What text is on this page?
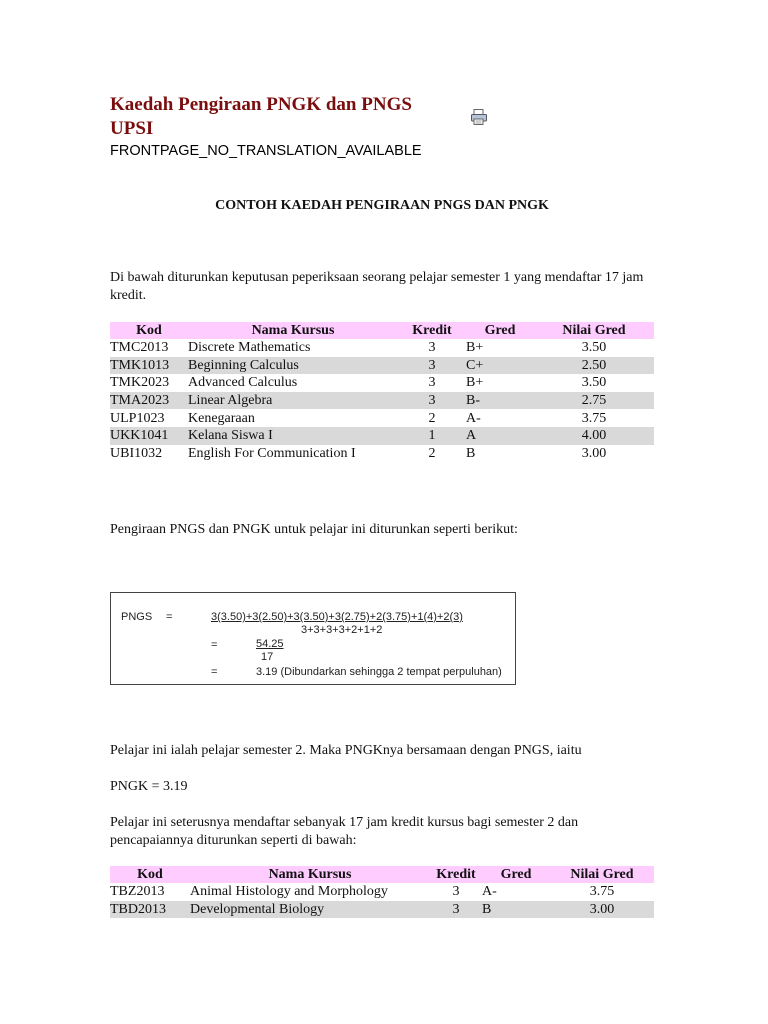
Kaedah Pengiraan PNGK dan PNGS UPSI
FRONTPAGE_NO_TRANSLATION_AVAILABLE
CONTOH KAEDAH PENGIRAAN PNGS DAN PNGK
Di bawah diturunkan keputusan peperiksaan seorang pelajar semester 1 yang mendaftar 17 jam kredit.
Kod	Nama Kursus	Kredit	Gred	Nilai Gred
TMC2013	Discrete Mathematics	3	B+	3.50
TMK1013	Beginning Calculus	3	C+	2.50
TMK2023	Advanced Calculus	3	B+	3.50
TMA2023	Linear Algebra	3	B-	2.75
ULP1023	Kenegaraan	2	A-	3.75
UKK1041	Kelana Siswa I	1	A	4.00
UBI1032	English For Communication I	2	B	3.00
Pengiraan PNGS dan PNGK untuk pelajar ini diturunkan seperti berikut:
PNGS =	3(3.50)+3(2.50)+3(3.50)+3(2.75)+2(3.75)+1(4)+2(3)
3+3+3+3+2+1+2
=	54.25
17
=	3.19 (Dibundarkan sehingga 2 tempat perpuluhan)
Pelajar ini ialah pelajar semester 2. Maka PNGKnya bersamaan dengan PNGS, iaitu
PNGK = 3.19
Pelajar ini seterusnya mendaftar sebanyak 17 jam kredit kursus bagi semester 2 dan pencapaiannya diturunkan seperti di bawah:
Kod	Nama Kursus	Kredit	Gred	Nilai Gred
TBZ2013	Animal Histology and Morphology	3	A-	3.75
TBD2013	Developmental Biology	3	B	3.00
